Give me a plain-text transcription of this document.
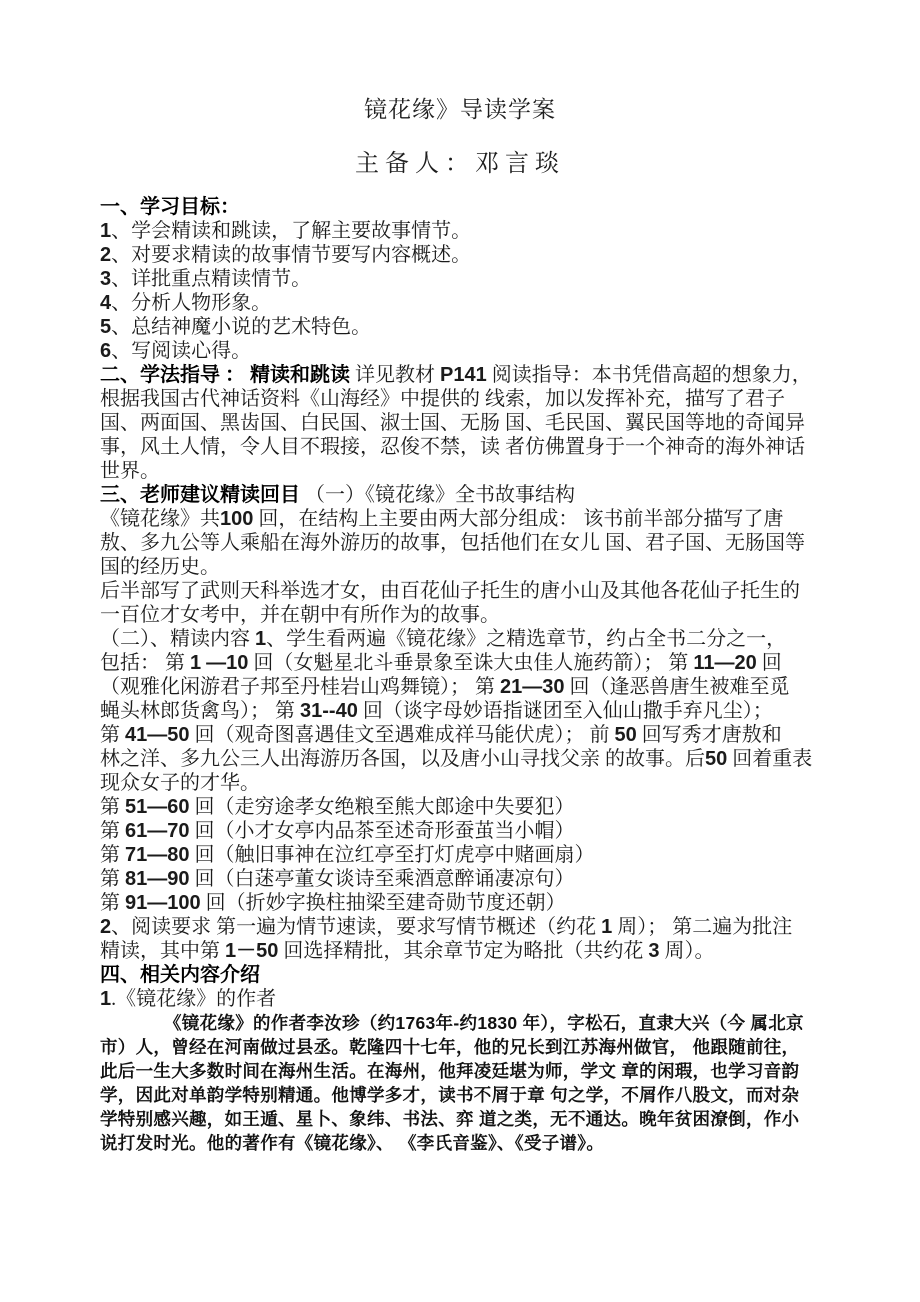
镜花缘》导读学案
主备人：邓言琰

一、学习目标：

1、学会精读和跳读，了解主要故事情节。

2、对要求精读的故事情节要写内容概述。

3、详批重点精读情节。

4、分析人物形象。

5、总结神魔小说的艺术特色。

6、写阅读心得。

二、学法指导 ： 精读和跳读 详见教材 P141 阅读指导：本书凭借高超的想象力，

根据我国古代神话资料《山海经》中提供的 线索，加以发挥补充，描写了君子

国、两面国、黑齿国、白民国、淑士国、无肠 国、毛民国、翼民国等地的奇闻异

事，风土人情，令人目不瑕接，忍俊不禁，读 者仿佛置身于一个神奇的海外神话

世界。

三、老师建议精读回目 （一）《镜花缘》全书故事结构

《镜花缘》共100 回，在结构上主要由两大部分组成： 该书前半部分描写了唐

敖、多九公等人乘船在海外游历的故事，包括他们在女儿 国、君子国、无肠国等

国的经历史。

后半部写了武则天科举选才女，由百花仙子托生的唐小山及其他各花仙子托生的

一百位才女考中，并在朝中有所作为的故事。

（二）、精读内容 1、学生看两遍《镜花缘》之精选章节，约占全书二分之一，

包括： 第 1 —10 回（女魁星北斗垂景象至诛大虫佳人施药箭）； 第 11—20 回

（观雅化闲游君子邦至丹桂岩山鸡舞镜）； 第 21—30 回（逢恶兽唐生被难至觅

蝇头林郎货禽鸟）； 第 31--40 回（谈字母妙语指谜团至入仙山撒手弃凡尘）；

第 41—50 回（观奇图喜遇佳文至遇难成祥马能伏虎）； 前 50 回写秀才唐敖和

林之洋、多九公三人出海游历各国，以及唐小山寻找父亲 的故事。后50 回着重表

现众女子的才华。

第 51—60 回（走穷途孝女绝粮至熊大郎途中失要犯）

第 61—70 回（小才女亭内品茶至述奇形蚕茧当小帽）

第 71—80 回（触旧事神在泣红亭至打灯虎亭中赌画扇）

第 81—90 回（白蒁亭董女谈诗至乘酒意醉诵凄凉句）

第 91—100 回（折妙字换柱抽梁至建奇勋节度还朝）

2、阅读要求 第一遍为情节速读，要求写情节概述（约花 1 周）； 第二遍为批注

精读，其中第 1－50 回选择精批，其余章节定为略批（共约花 3 周）。

四、相关内容介绍

1.《镜花缘》的作者

《镜花缘》的作者李汝珍（约1763年-约1830 年），字松石，直隶大兴（今 属北京

市）人，曾经在河南做过县丞。乾隆四十七年，他的兄长到江苏海州做官， 他跟随前往，

此后一生大多数时间在海州生活。在海州，他拜凌廷堪为师，学文 章的闲瑕，也学习音韵

学，因此对单韵学特别精通。他博学多才，读书不屑于章 句之学，不屑作八股文，而对杂

学特别感兴趣，如王遁、星卜、象纬、书法、弈 道之类，无不通达。晚年贫困潦倒，作小

说打发时光。他的著作有《镜花缘》、 《李氏音鉴》、《受子谱》。
